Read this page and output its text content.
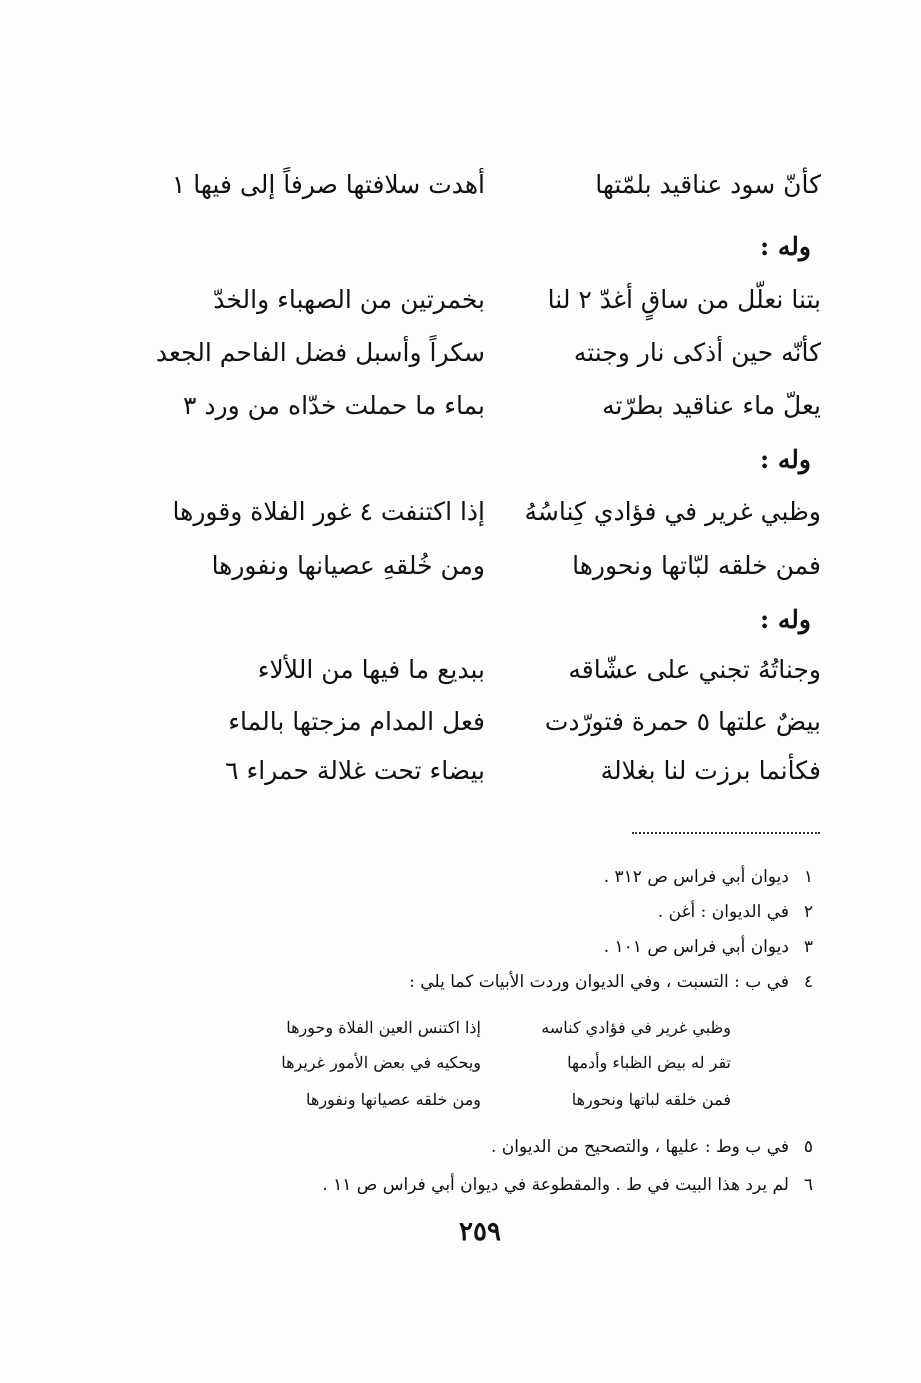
كأنّ سود عناقيد بلمّتها
أهدت سلافتها صرفاً إلى فيها ١
وله :
بتنا نعلّل من ساقٍ أغدّ ٢ لنا
بخمرتين من الصهباء والخدّ
كأنّه حين أذكى نار وجنته
سكراً وأسبل فضل الفاحم الجعد
يعلّ ماء عناقيد بطرّته
بماء ما حملت خدّاه من ورد ٣
وله :
وظبي غرير في فؤادي كِناسُهُ
إذا اكتنفت ٤ غور الفلاة وقورها
فمن خلقه لبّاتها ونحورها
ومن خُلقهِ عصيانها ونفورها
وله :
وجناتُهُ تجني على عشّاقه
ببديع ما فيها من اللألاء
بيضٌ علتها ٥ حمرة فتورّدت
فعل المدام مزجتها بالماء
فكأنما برزت لنا بغلالة
بيضاء تحت غلالة حمراء ٦
١ديوان أبي فراس ص ٣١٢ .
٢في الديوان : أغن .
٣ديوان أبي فراس ص ١٠١ .
٤في ب : التسبت ، وفي الديوان وردت الأبيات كما يلي :
وظبي غرير في فؤادي كناسه
إذا اكتنس العين الفلاة وحورها
تقر له بيض الظباء وأدمها
ويحكيه في بعض الأمور غريرها
فمن خلقه لباتها ونحورها
ومن خلقه عصيانها ونفورها
٥في ب وط : عليها ، والتصحيح من الديوان .
٦لم يرد هذا البيت في ط . والمقطوعة في ديوان أبي فراس ص ١١ .
٢٥٩
